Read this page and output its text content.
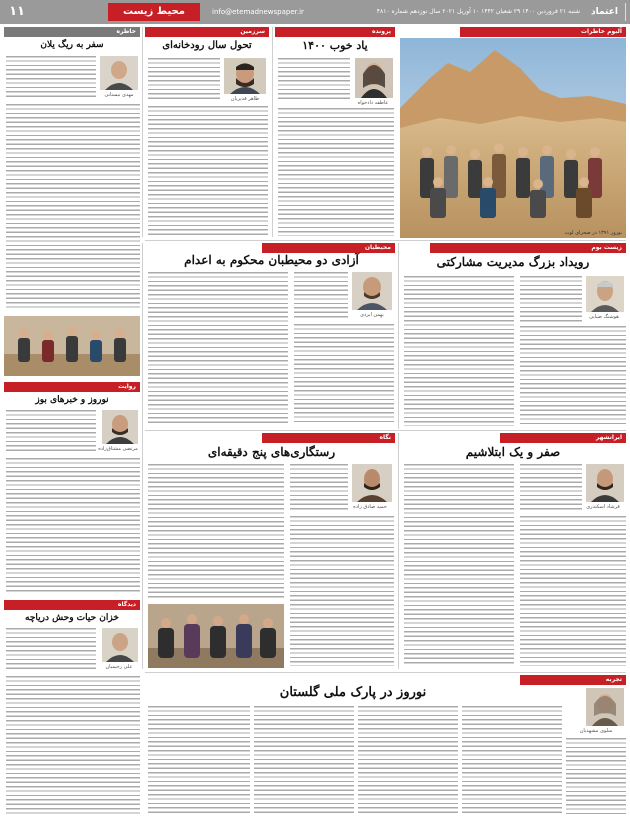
اعتماد
شنبه ۲۱ فروردین ۱۴۰۰ ۲۹ شعبان ۱۴۴۲ ۱۰ آوریل ۲۰۲۱ سال نوزدهم شماره ۴۸۱۰
info@etemadnewspaper.ir
محیط زیست
۱۱
آلبوم خاطرات
نوروز ۱۳۹۱ در صحرای لوت
پرونده
یاد خوب ۱۴۰۰
عاطفه دادخواه
سرزمین
تحول سال رودخانه‌ای
ظاهر قدیریان
خاطره
سفر به ریگ یلان
مهدی نیستانی
زیست بوم
رویداد بزرگ مدیریت مشارکتی
هوشنگ ضیایی
محیطبان
آزادی دو محیطبان محکوم به اعدام
بهمن ایزدی
روایت
نوروز و خبرهای بوز
مرتضی مشتاق‌زاده
ایرانشهر
صفر و یک ابتلاشیم
فرشاد اسکندری
نگاه
رستگاری‌های پنج دقیقه‌ای
حمید صادق زاده
دیدگاه
خزان حیات وحش دریاچه
علی رحیمیان
تجربه
نوروز در پارک ملی گلستان
سلوی مشهدیان
